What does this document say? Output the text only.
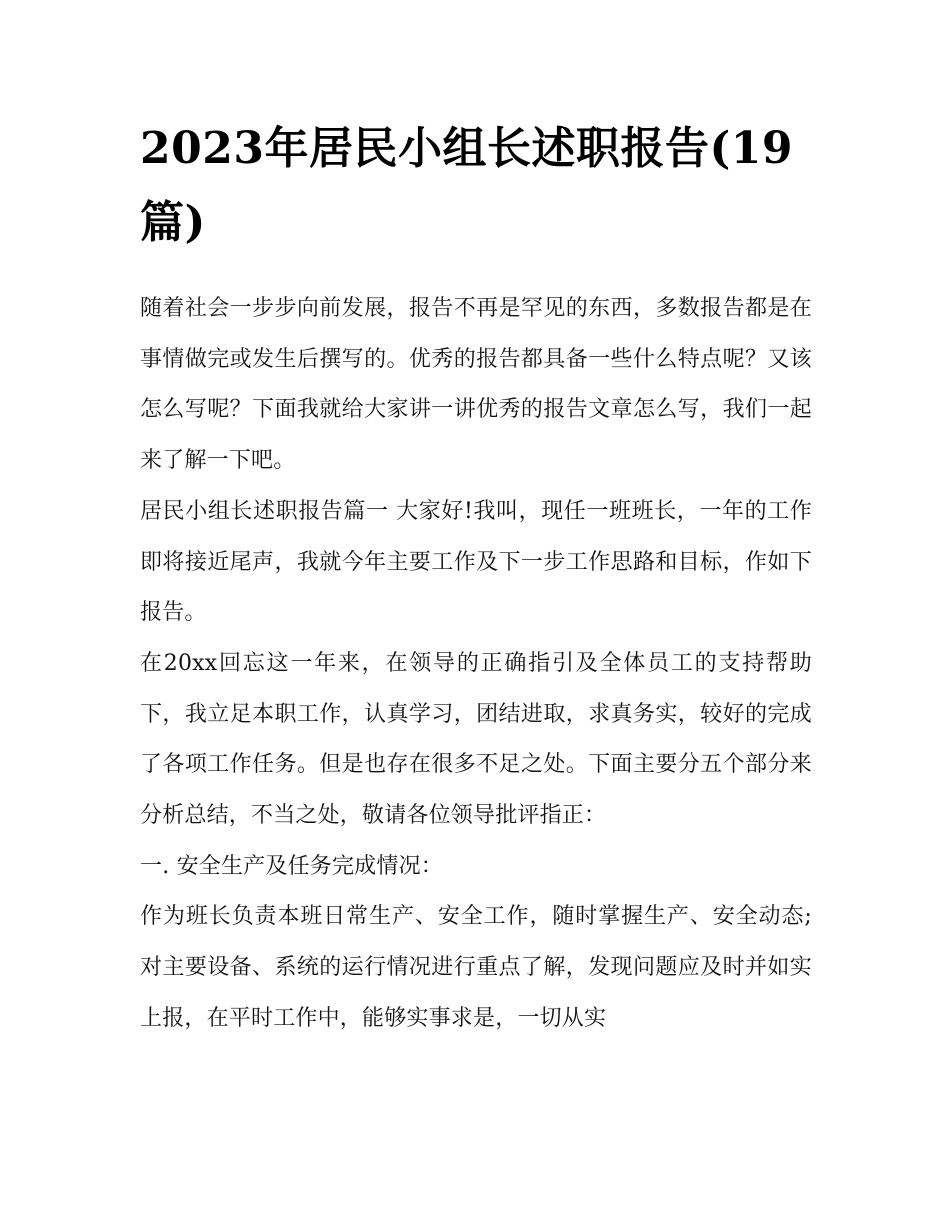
2023年居民小组长述职报告(19篇)

随着社会一步步向前发展，报告不再是罕见的东西，多数报告都是在事情做完或发生后撰写的。优秀的报告都具备一些什么特点呢？又该怎么写呢？下面我就给大家讲一讲优秀的报告文章怎么写，我们一起来了解一下吧。

居民小组长述职报告篇一 大家好!我叫，现任一班班长，一年的工作即将接近尾声，我就今年主要工作及下一步工作思路和目标，作如下报告。

在20xx回忘这一年来，在领导的正确指引及全体员工的支持帮助下，我立足本职工作，认真学习，团结进取，求真务实，较好的完成了各项工作任务。但是也存在很多不足之处。下面主要分五个部分来分析总结，不当之处，敬请各位领导批评指正：

一. 安全生产及任务完成情况：

作为班长负责本班日常生产、安全工作，随时掌握生产、安全动态;对主要设备、系统的运行情况进行重点了解，发现问题应及时并如实上报，在平时工作中，能够实事求是，一切从实
